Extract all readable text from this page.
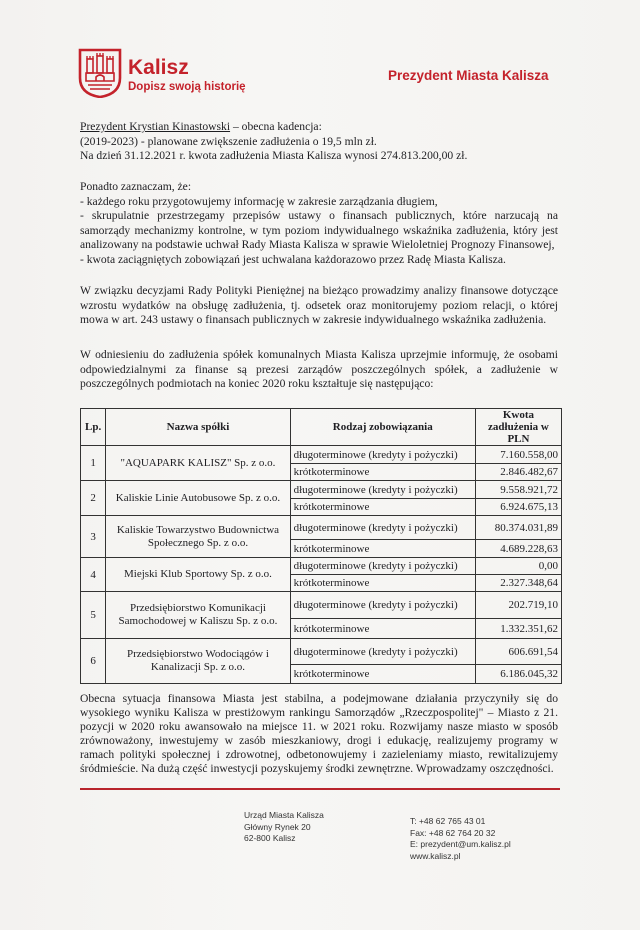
Kalisz
Dopisz swoją historię
Prezydent Miasta Kalisza

Prezydent Krystian Kinastowski – obecna kadencja:

(2019-2023) - planowane zwiększenie zadłużenia o 19,5 mln zł.

Na dzień 31.12.2021 r. kwota zadłużenia Miasta Kalisza wynosi 274.813.200,00 zł.

Ponadto zaznaczam, że:

- każdego roku przygotowujemy informację w zakresie zarządzania długiem,

- skrupulatnie przestrzegamy przepisów ustawy o finansach publicznych, które narzucają na samorządy mechanizmy kontrolne, w tym poziom indywidualnego wskaźnika zadłużenia, który jest analizowany na podstawie uchwał Rady Miasta Kalisza w sprawie Wieloletniej Prognozy Finansowej,

- kwota zaciągniętych zobowiązań jest uchwalana każdorazowo przez Radę Miasta Kalisza.

W związku decyzjami Rady Polityki Pieniężnej na bieżąco prowadzimy analizy finansowe dotyczące wzrostu wydatków na obsługę zadłużenia, tj. odsetek oraz monitorujemy poziom relacji, o której mowa w art. 243 ustawy o finansach publicznych w zakresie indywidualnego wskaźnika zadłużenia.
W odniesieniu do zadłużenia spółek komunalnych Miasta Kalisza uprzejmie informuję, że osobami odpowiedzialnymi za finanse są prezesi zarządów poszczególnych spółek, a zadłużenie w poszczególnych podmiotach na koniec 2020 roku kształtuje się następująco:
Lp.	Nazwa spółki	Rodzaj zobowiązania	Kwota zadłużenia w PLN
1	"AQUAPARK KALISZ" Sp. z o.o.	długoterminowe (kredyty i pożyczki)	7.160.558,00
		krótkoterminowe	2.846.482,67
2	Kaliskie Linie Autobusowe Sp. z o.o.	długoterminowe (kredyty i pożyczki)	9.558.921,72
		krótkoterminowe	6.924.675,13
3	Kaliskie Towarzystwo Budownictwa Społecznego Sp. z o.o.	długoterminowe (kredyty i pożyczki)	80.374.031,89
		krótkoterminowe	4.689.228,63
4	Miejski Klub Sportowy Sp. z o.o.	długoterminowe (kredyty i pożyczki)	0,00
		krótkoterminowe	2.327.348,64
5	Przedsiębiorstwo Komunikacji Samochodowej w Kaliszu Sp. z o.o.	długoterminowe (kredyty i pożyczki)	202.719,10
		krótkoterminowe	1.332.351,62
6	Przedsiębiorstwo Wodociągów i Kanalizacji Sp. z o.o.	długoterminowe (kredyty i pożyczki)	606.691,54
		krótkoterminowe	6.186.045,32
Obecna sytuacja finansowa Miasta jest stabilna, a podejmowane działania przyczyniły się do wysokiego wyniku Kalisza w prestiżowym rankingu Samorządów „Rzeczpospolitej" – Miasto z 21. pozycji w 2020 roku awansowało na miejsce 11. w 2021 roku. Rozwijamy nasze miasto w sposób zrównoważony, inwestujemy w zasób mieszkaniowy, drogi i edukację, realizujemy programy w ramach polityki społecznej i zdrowotnej, odbetonowujemy i zazieleniamy miasto, rewitalizujemy śródmieście. Na dużą część inwestycji pozyskujemy środki zewnętrzne. Wprowadzamy oszczędności.
Urząd Miasta Kalisza
Główny Rynek 20
62-800 Kalisz
T: +48 62 765 43 01
Fax: +48 62 764 20 32
E: prezydent@um.kalisz.pl
www.kalisz.pl
